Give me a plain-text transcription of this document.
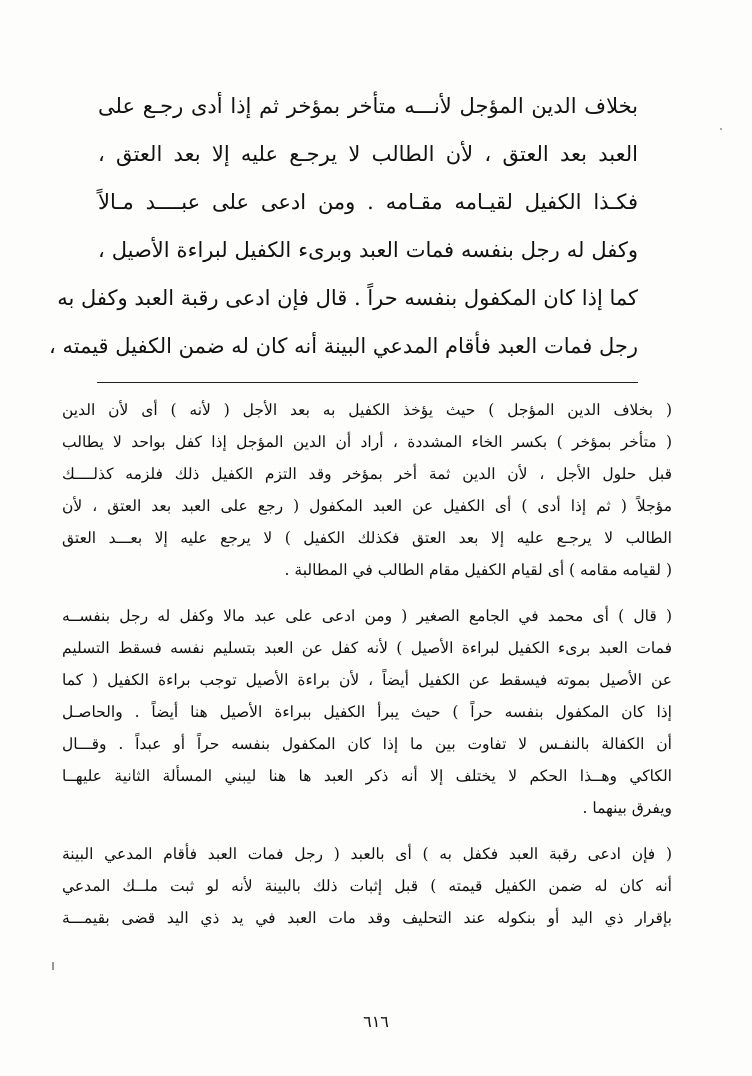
بخلاف الدين المؤجل لأنـــه متأخر بمؤخر ثم إذا أدى رجـع على
العبد بعد العتق ، لأن الطالب لا يرجـع عليه إلا بعد العتق ،
فكـذا الكفيل لقيـامه مقـامه . ومن ادعى على عبــــد مـالاً
وكفل له رجل بنفسه فمات العبد وبرىء الكفيل لبراءة الأصيل ،
كما إذا كان المكفول بنفسه حراً . قال فإن ادعى رقبة العبد وكفل به
رجل فمات العبد فأقام المدعي البينة أنه كان له ضمن الكفيل قيمته ،
( بخلاف الدين المؤجل ) حيث يؤخذ الكفيل به بعد الأجل ( لأنه ) أى لأن الدين
( متأخر بمؤخر ) بكسر الخاء المشددة ، أراد أن الدين المؤجل إذا كفل بواحد لا يطالب
قبل حلول الأجل ، لأن الدين ثمة أخر بمؤخر وقد التزم الكفيل ذلك فلزمه كذلــــك
مؤجلاً ( ثم إذا أدى ) أى الكفيل عن العبد المكفول ( رجع على العبد بعد العتق ، لأن
الطالب لا يرجـع عليه إلا بعد العتق فكذلك الكفيل ) لا يرجع عليه إلا بعـــد العتق
( لقيامه مقامه ) أى لقيام الكفيل مقام الطالب في المطالبة .
( قال ) أى محمد في الجامع الصغير ( ومن ادعى على عبد مالا وكفل له رجل بنفســه
فمات العبد برىء الكفيل لبراءة الأصيل ) لأنه كفل عن العبد بتسليم نفسه فسقط التسليم
عن الأصيل بموته فيسقط عن الكفيل أيضاً ، لأن براءة الأصيل توجب براءة الكفيل ( كما
إذا كان المكفول بنفسه حراً ) حيث يبرأ الكفيل ببراءة الأصيل هنا أيضاً . والحاصـل
أن الكفالة بالنفـس لا تفاوت بين ما إذا كان المكفول بنفسه حراً أو عبداً . وقـــال
الكاكي وهــذا الحكم لا يختلف إلا أنه ذكر العبد ها هنا ليبني المسألة الثانية عليهــا
ويفرق بينهما .
( فإن ادعى رقبة العبد فكفل به ) أى بالعبد ( رجل فمات العبد فأقام المدعي البينة
أنه كان له ضمن الكفيل قيمته ) قبل إثبات ذلك بالبينة لأنه لو ثبت ملــك المدعي
بإقرار ذي اليد أو بنكوله عند التحليف وقد مات العبد في يد ذي اليد قضى بقيمـــة
٦١٦
